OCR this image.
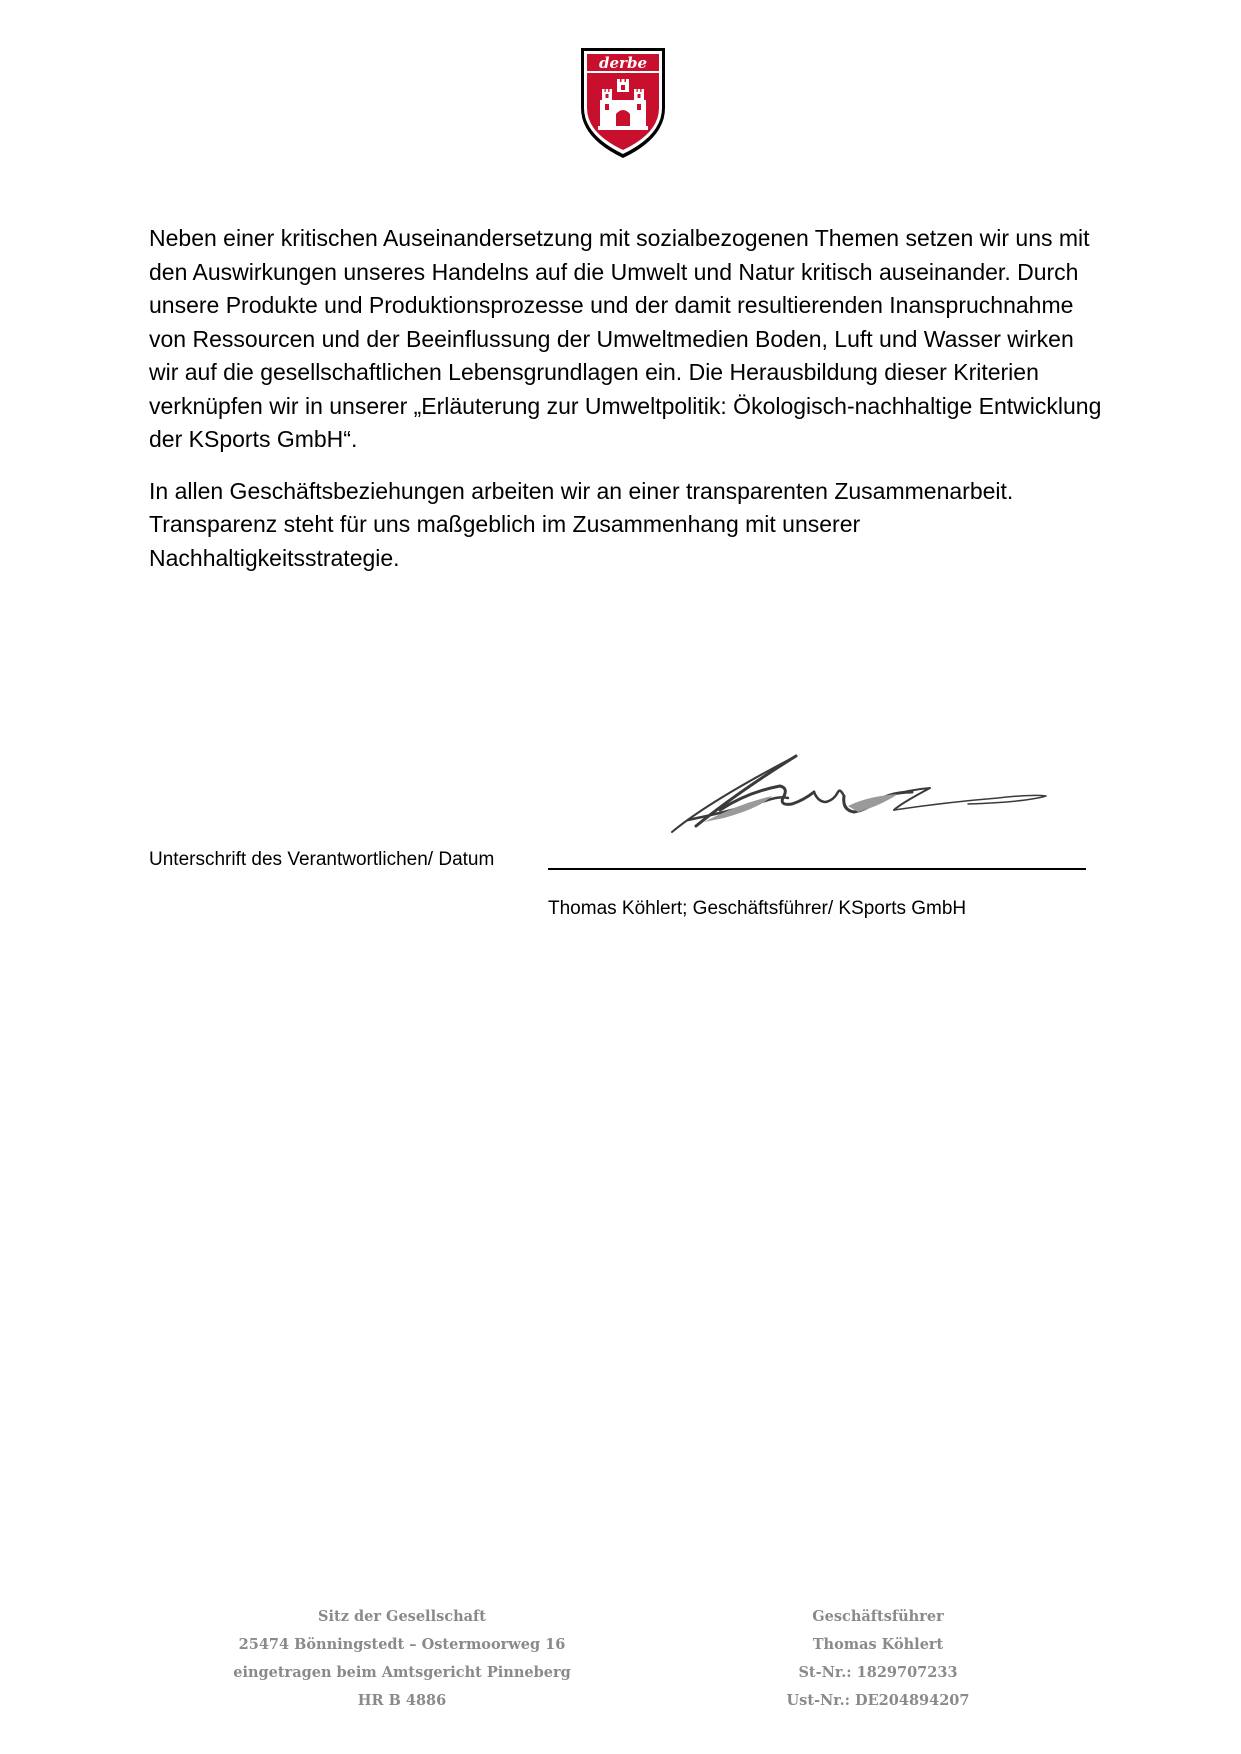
derbe

Neben einer kritischen Auseinandersetzung mit sozialbezogenen Themen setzen wir uns mit den Auswirkungen unseres Handelns auf die Umwelt und Natur kritisch auseinander. Durch unsere Produkte und Produktionsprozesse und der damit resultierenden Inanspruchnahme von Ressourcen und der Beeinflussung der Umweltmedien Boden, Luft und Wasser wirken wir auf die gesellschaftlichen Lebensgrundlagen ein. Die Herausbildung dieser Kriterien verknüpfen wir in unserer „Erläuterung zur Umweltpolitik: Ökologisch-nachhaltige Entwicklung der KSports GmbH“.

In allen Geschäftsbeziehungen arbeiten wir an einer transparenten Zusammenarbeit. Transparenz steht für uns maßgeblich im Zusammenhang mit unserer Nachhaltigkeitsstrategie.

Unterschrift des Verantwortlichen/ Datum
Thomas Köhlert; Geschäftsführer/ KSports GmbH
Sitz der Gesellschaft
25474 Bönningstedt – Ostermoorweg 16
eingetragen beim Amtsgericht Pinneberg
HR B 4886
Geschäftsführer
Thomas Köhlert
St-Nr.: 1829707233
Ust-Nr.: DE204894207
